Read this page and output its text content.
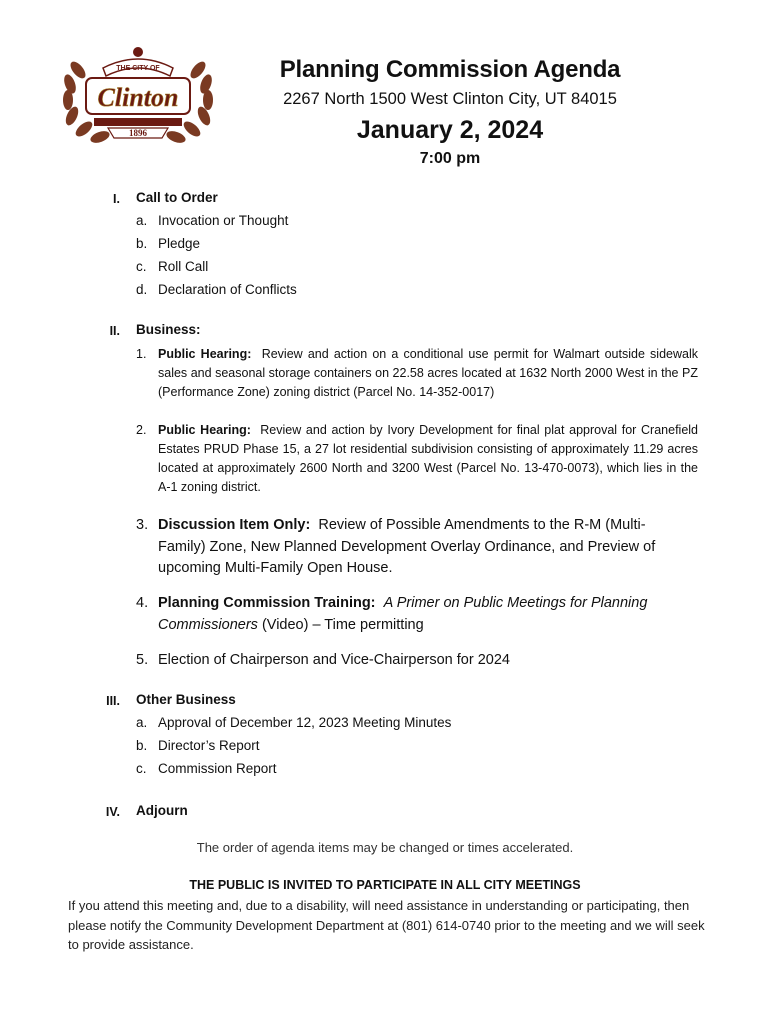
THE CITY OF
Clinton
1896
Planning Commission Agenda
2267 North 1500 West Clinton City, UT 84015
January 2, 2024
7:00 pm
I. Call to Order
a. Invocation or Thought
b. Pledge
c. Roll Call
d. Declaration of Conflicts
II. Business:
1. Public Hearing: Review and action on a conditional use permit for Walmart outside sidewalk sales and seasonal storage containers on 22.58 acres located at 1632 North 2000 West in the PZ (Performance Zone) zoning district (Parcel No. 14-352-0017)
2. Public Hearing: Review and action by Ivory Development for final plat approval for Cranefield Estates PRUD Phase 15, a 27 lot residential subdivision consisting of approximately 11.29 acres located at approximately 2600 North and 3200 West (Parcel No. 13-470-0073), which lies in the A-1 zoning district.
3. Discussion Item Only: Review of Possible Amendments to the R-M (Multi-Family) Zone, New Planned Development Overlay Ordinance, and Preview of upcoming Multi-Family Open House.
4. Planning Commission Training: A Primer on Public Meetings for Planning Commissioners (Video) – Time permitting
5. Election of Chairperson and Vice-Chairperson for 2024
III. Other Business
a. Approval of December 12, 2023 Meeting Minutes
b. Director’s Report
c. Commission Report
IV. Adjourn
The order of agenda items may be changed or times accelerated.
THE PUBLIC IS INVITED TO PARTICIPATE IN ALL CITY MEETINGS
If you attend this meeting and, due to a disability, will need assistance in understanding or participating, then please notify the Community Development Department at (801) 614-0740 prior to the meeting and we will seek to provide assistance.
